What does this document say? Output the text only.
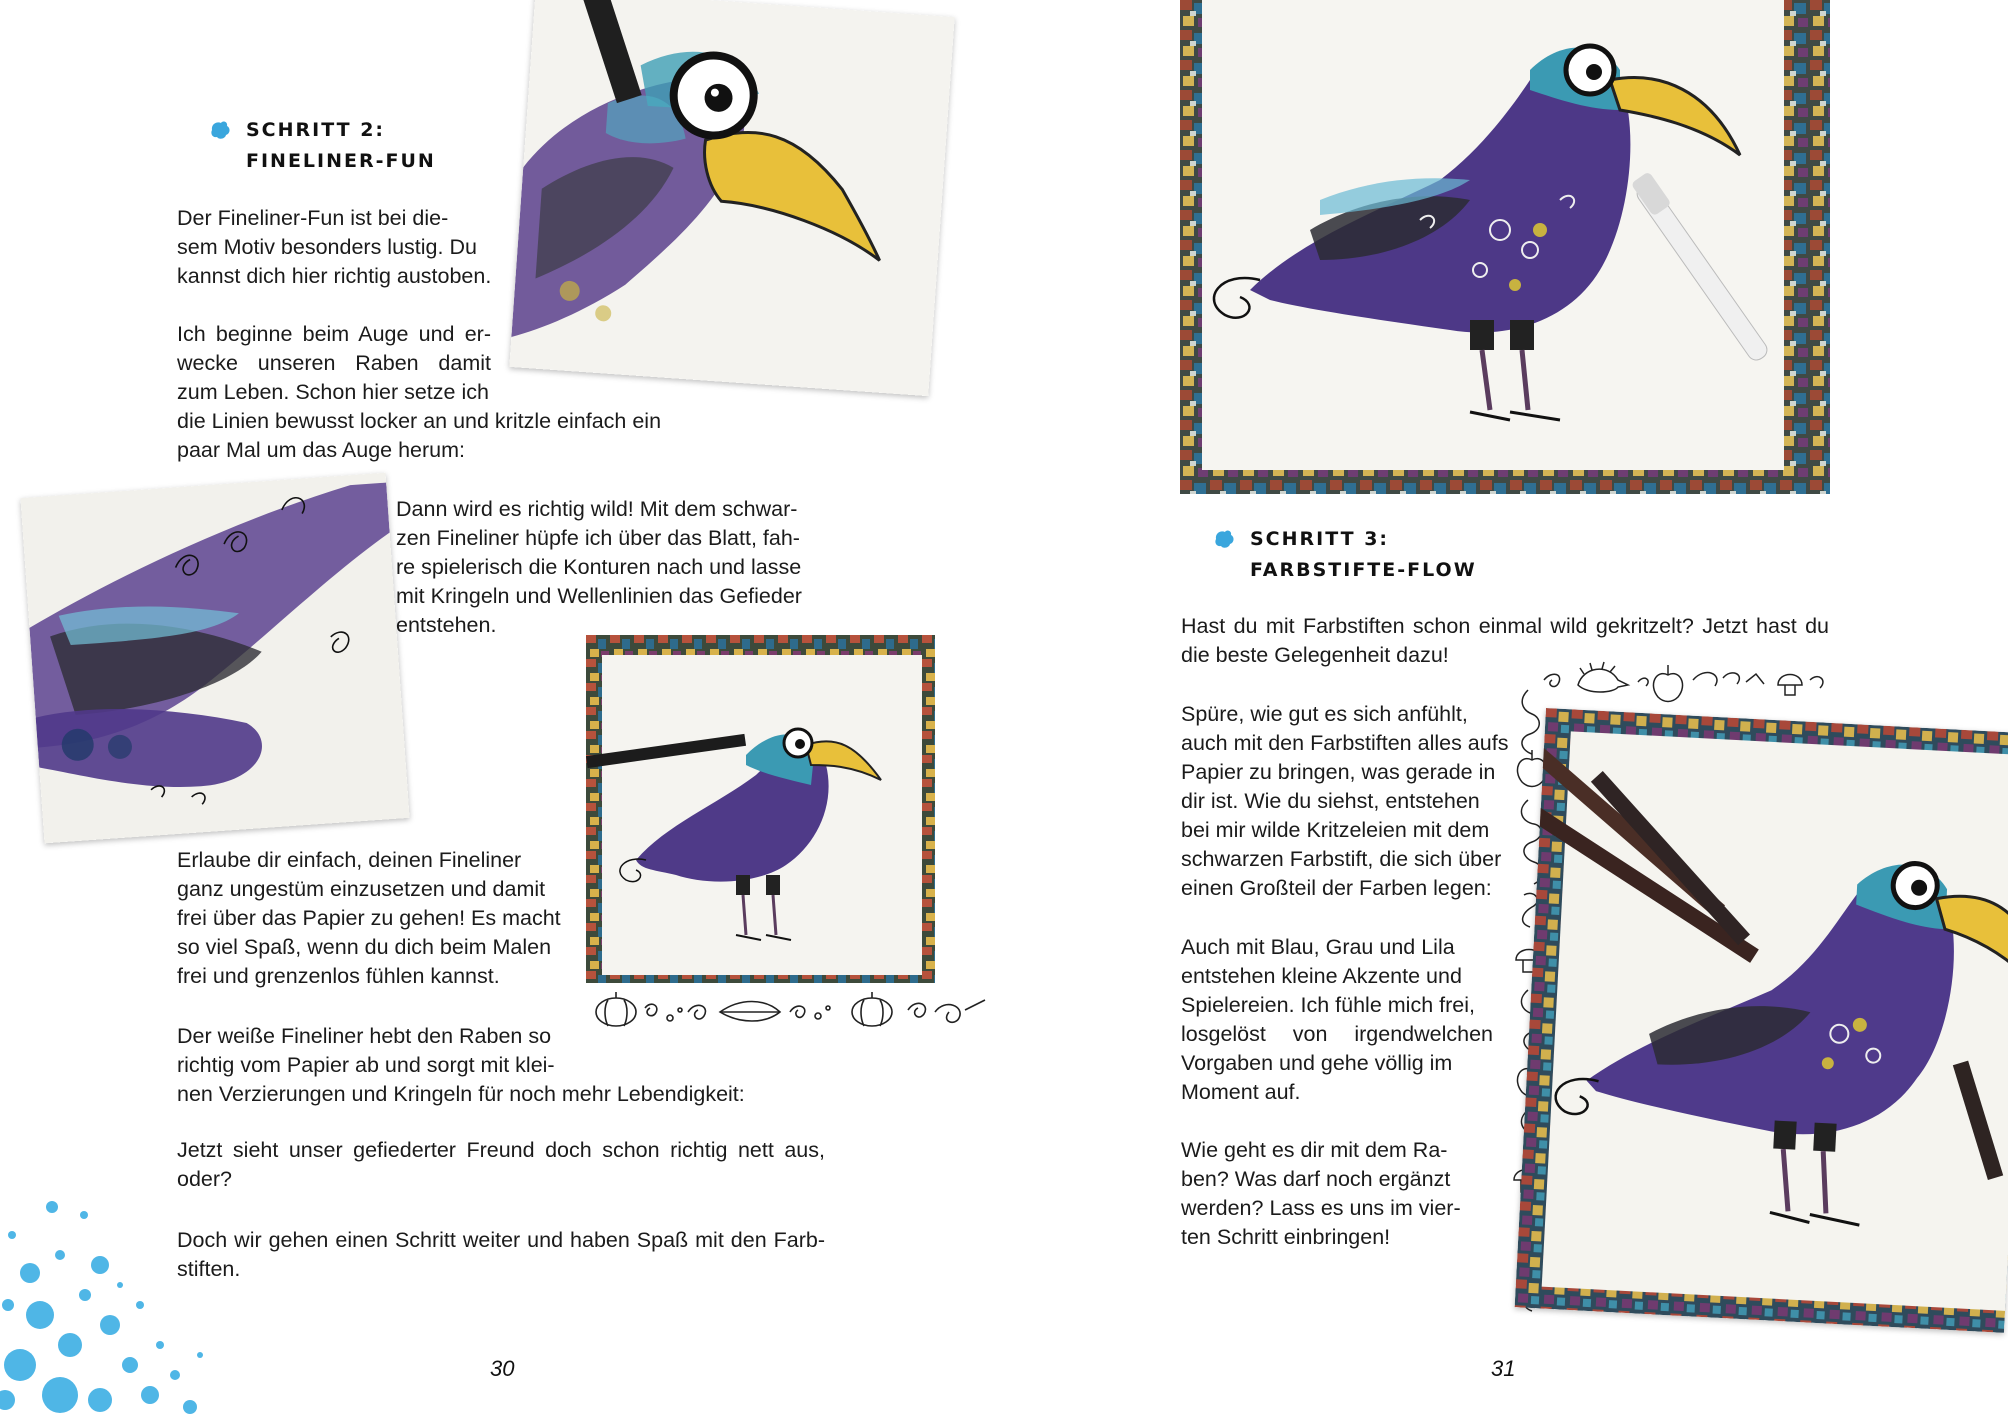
SCHRITT 2:
FINELINER-FUN
Der Fineliner-Fun ist bei die-
sem Motiv besonders lustig. Du
kannst dich hier richtig austoben.
Ich beginne beim Auge und er-
wecke unseren Raben damit
zum Leben. Schon hier setze ich
die Linien bewusst locker an und kritzle einfach ein
paar Mal um das Auge herum:
Dann wird es richtig wild! Mit dem schwar-
zen Fineliner hüpfe ich über das Blatt, fah-
re spielerisch die Konturen nach und lasse
mit Kringeln und Wellenlinien das Gefieder
entstehen.
Erlaube dir einfach, deinen Fineliner
ganz ungestüm einzusetzen und damit
frei über das Papier zu gehen! Es macht
so viel Spaß, wenn du dich beim Malen
frei und grenzenlos fühlen kannst.
Der weiße Fineliner hebt den Raben so
richtig vom Papier ab und sorgt mit klei-
nen Verzierungen und Kringeln für noch mehr Lebendigkeit:
Jetzt sieht unser gefiederter Freund doch schon richtig nett aus,
oder?
Doch wir gehen einen Schritt weiter und haben Spaß mit den Farb-
stiften.
30
SCHRITT 3:
FARBSTIFTE-FLOW
Hast du mit Farbstiften schon einmal wild gekritzelt? Jetzt hast du
die beste Gelegenheit dazu!
Spüre, wie gut es sich anfühlt,
auch mit den Farbstiften alles aufs
Papier zu bringen, was gerade in
dir ist. Wie du siehst, entstehen
bei mir wilde Kritzeleien mit dem
schwarzen Farbstift, die sich über
einen Großteil der Farben legen:
Auch mit Blau, Grau und Lila
entstehen kleine Akzente und
Spielereien. Ich fühle mich frei,
losgelöst von irgendwelchen
Vorgaben und gehe völlig im
Moment auf.
Wie geht es dir mit dem Ra-
ben? Was darf noch ergänzt
werden? Lass es uns im vier-
ten Schritt einbringen!
31
